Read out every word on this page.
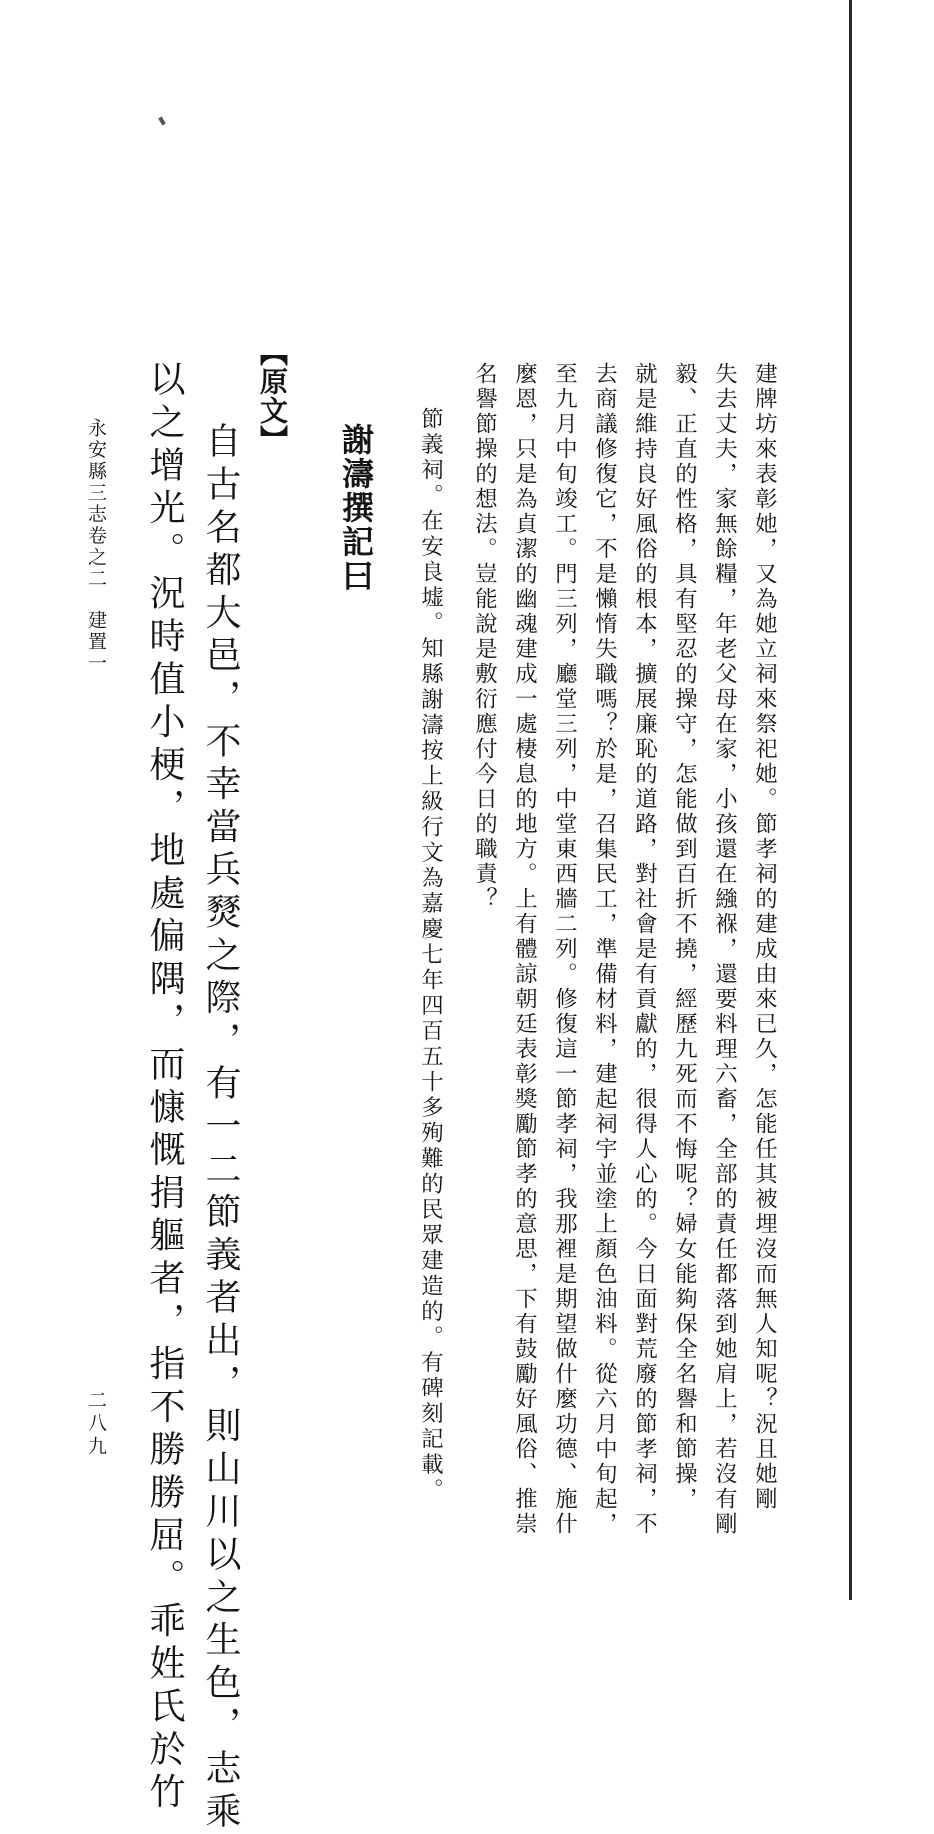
建牌坊來表彰她，又為她立祠來祭祀她。節孝祠的建成由來已久，怎能任其被埋沒而無人知呢？況且她剛
失去丈夫，家無餘糧，年老父母在家，小孩還在繈褓，還要料理六畜，全部的責任都落到她肩上，若沒有剛
毅、正直的性格，具有堅忍的操守，怎能做到百折不撓，經歷九死而不悔呢？婦女能夠保全名譽和節操，
就是維持良好風俗的根本，擴展廉恥的道路，對社會是有貢獻的，很得人心的。今日面對荒廢的節孝祠，不
去商議修復它，不是懶惰失職嗎？於是，召集民工，準備材料，建起祠宇並塗上顏色油料。從六月中旬起，
至九月中旬竣工。門三列，廳堂三列，中堂東西牆二列。修復這一節孝祠，我那裡是期望做什麼功德、施什
麼恩，只是為貞潔的幽魂建成一處棲息的地方。上有體諒朝廷表彰獎勵節孝的意思，下有鼓勵好風俗、推崇
名譽節操的想法。豈能說是敷衍應付今日的職責？
節義祠。在安良墟。知縣謝濤按上級行文為嘉慶七年四百五十多殉難的民眾建造的。有碑刻記載。
謝濤撰記曰
【原文】
自古名都大邑，不幸當兵燹之際，有一二節義者出，則山川以之生色，志乘
以之增光。況時值小梗，地處偏隅，而慷慨捐軀者，指不勝勝屈。乖姓氏於竹
永安縣三志卷之二建置一
二八九
